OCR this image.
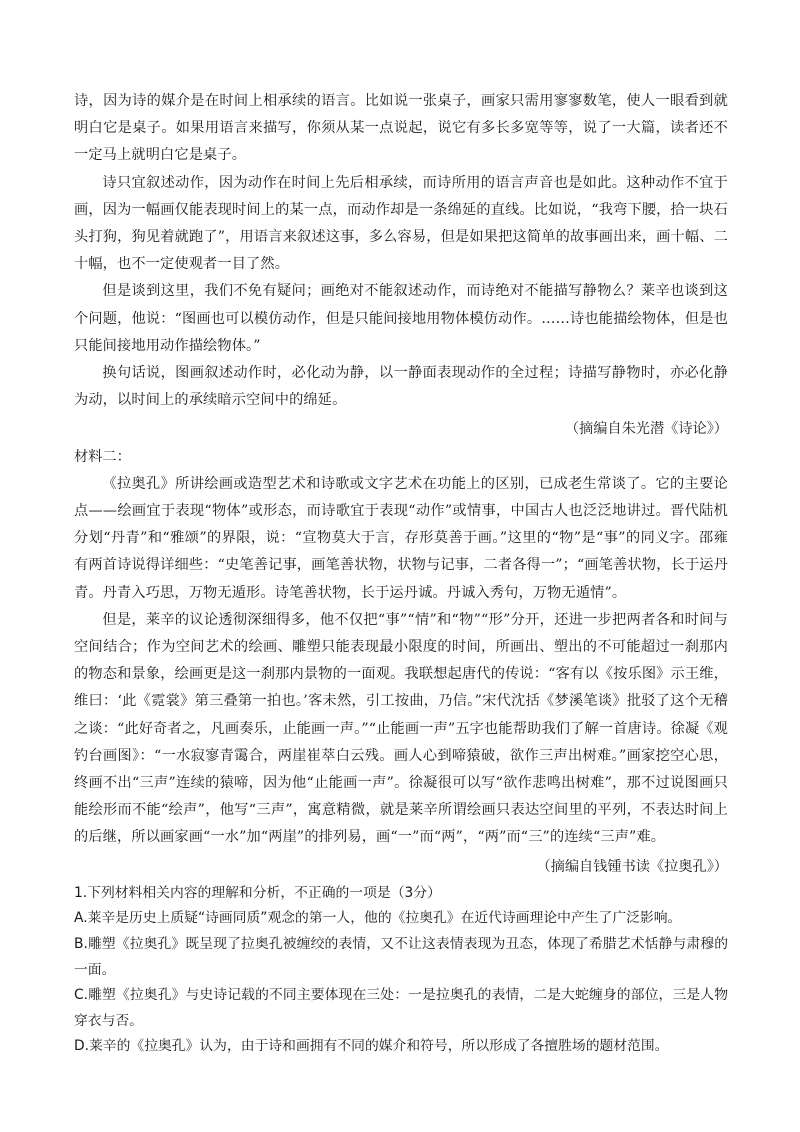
诗，因为诗的媒介是在时间上相承续的语言。比如说一张桌子，画家只需用寥寥数笔，使人一眼看到就明白它是桌子。如果用语言来描写，你须从某一点说起，说它有多长多宽等等，说了一大篇，读者还不一定马上就明白它是桌子。

诗只宜叙述动作，因为动作在时间上先后相承续，而诗所用的语言声音也是如此。这种动作不宜于画，因为一幅画仅能表现时间上的某一点，而动作却是一条绵延的直线。比如说，“我弯下腰，拾一块石头打狗，狗见着就跑了”，用语言来叙述这事，多么容易，但是如果把这简单的故事画出来，画十幅、二十幅，也不一定使观者一目了然。

但是谈到这里，我们不免有疑问；画绝对不能叙述动作，而诗绝对不能描写静物么？莱辛也谈到这个问题，他说：“图画也可以模仿动作，但是只能间接地用物体模仿动作。……诗也能描绘物体，但是也只能间接地用动作描绘物体。”

换句话说，图画叙述动作时，必化动为静，以一静面表现动作的全过程；诗描写静物时，亦必化静为动，以时间上的承续暗示空间中的绵延。

（摘编自朱光潜《诗论》）

材料二：

《拉奥孔》所讲绘画或造型艺术和诗歌或文字艺术在功能上的区别，已成老生常谈了。它的主要论点——绘画宜于表现“物体”或形态，而诗歌宜于表现“动作”或情事，中国古人也泛泛地讲过。晋代陆机分划“丹青”和“雅颂”的界限，说：“宣物莫大于言，存形莫善于画。”这里的“物”是“事”的同义字。邵雍有两首诗说得详细些：“史笔善记事，画笔善状物，状物与记事，二者各得一”；“画笔善状物，长于运丹青。丹青入巧思，万物无遁形。诗笔善状物，长于运丹诚。丹诚入秀句，万物无遁情”。

但是，莱辛的议论透彻深细得多，他不仅把“事”“情”和“物”“形”分开，还进一步把两者各和时间与空间结合；作为空间艺术的绘画、雕塑只能表现最小限度的时间，所画出、塑出的不可能超过一刹那内的物态和景象，绘画更是这一刹那内景物的一面观。我联想起唐代的传说：“客有以《按乐图》示王维，维曰：‘此《霓裳》第三叠第一拍也。’客未然，引工按曲，乃信。”宋代沈括《梦溪笔谈》批驳了这个无稽之谈：“此好奇者之，凡画奏乐，止能画一声。”“止能画一声”五字也能帮助我们了解一首唐诗。徐凝《观钓台画图》：“一水寂寥青霭合，两崖崔萃白云残。画人心到啼猿破，欲作三声出树难。”画家挖空心思，终画不出“三声”连续的猿啼，因为他“止能画一声”。徐凝很可以写“欲作悲鸣出树难”，那不过说图画只能绘形而不能“绘声”，他写“三声”，寓意精微，就是莱辛所谓绘画只表达空间里的平列，不表达时间上的后继，所以画家画“一水”加“两崖”的排列易，画“一”而“两”，“两”而“三”的连续“三声”难。

（摘编自钱锺书读《拉奥孔》）

1.下列材料相关内容的理解和分析，不正确的一项是（3分）

A.莱辛是历史上质疑“诗画同质”观念的第一人，他的《拉奥孔》在近代诗画理论中产生了广泛影响。

B.雕塑《拉奥孔》既呈现了拉奥孔被缠绞的表情，又不让这表情表现为丑态，体现了希腊艺术恬静与肃穆的一面。

C.雕塑《拉奥孔》与史诗记载的不同主要体现在三处：一是拉奥孔的表情，二是大蛇缠身的部位，三是人物穿衣与否。

D.莱辛的《拉奥孔》认为，由于诗和画拥有不同的媒介和符号，所以形成了各擅胜场的题材范围。
